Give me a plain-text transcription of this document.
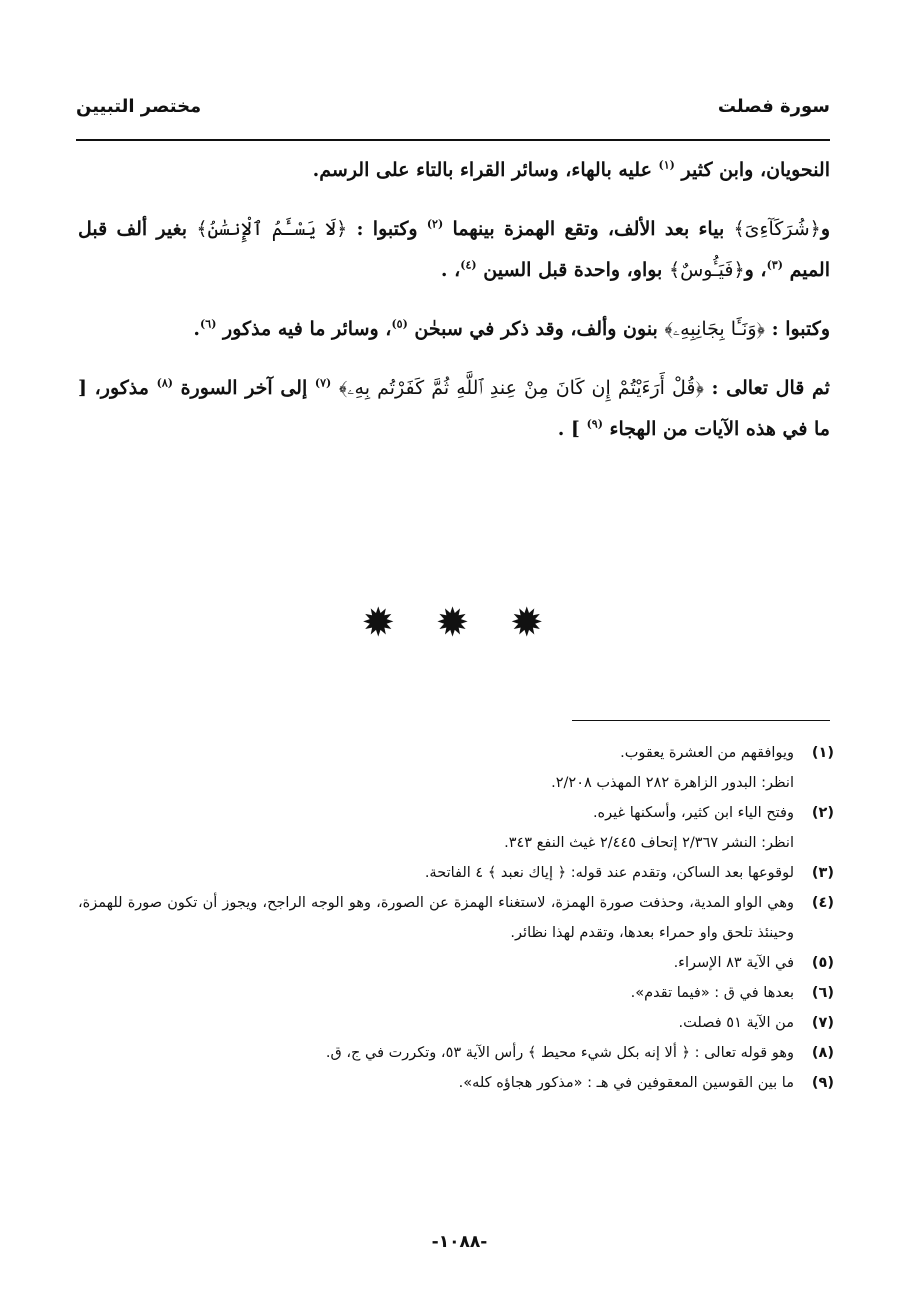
سورة فصلت
مختصر التبيين

النحويان، وابن كثير $^{(١)}$ عليه بالهاء، وسائر القراء بالتاء على الرسم.

و﴿شُرَكَآءِىَ﴾ بياء بعد الألف، وتقع الهمزة بينهما $^{(٢)}$ وكتبوا : ﴿لَا يَسْـَٔمُ ٱلْإِنسَٰنُ﴾ بغير ألف قبل الميم $^{(٣)}$، و﴿فَيَـُٔوسٌ﴾ بواو، واحدة قبل السين $^{(٤)}$، .

وكتبوا : ﴿وَنَـَٔا بِجَانِبِهِۦ﴾ بنون وألف، وقد ذكر في سبحٰن $^{(٥)}$، وسائر ما فيه مذكور $^{(٦)}$.

ثم قال تعالى : ﴿قُلْ أَرَءَيْتُمْ إِن كَانَ مِنْ عِندِ ٱللَّهِ ثُمَّ كَفَرْتُم بِهِۦ﴾ $^{(٧)}$ إلى آخر السورة $^{(٨)}$ مذكور، [ ما في هذه الآيات من الهجاء $^{(٩)}$ ] .

✹ ✹ ✹
(١)
ويوافقهم من العشرة يعقوب.
انظر: البدور الزاهرة ٢٨٢ المهذب ٢/٢٠٨.
(٢)
وفتح الياء ابن كثير، وأسكنها غيره.
انظر: النشر ٢/٣٦٧ إتحاف ٢/٤٤٥ غيث النفع ٣٤٣.
(٣)
لوقوعها بعد الساكن، وتقدم عند قوله: ﴿ إياك نعبد ﴾ ٤ الفاتحة.
(٤)
وهي الواو المدية، وحذفت صورة الهمزة، لاستغناء الهمزة عن الصورة، وهو الوجه الراجح، ويجوز أن تكون صورة للهمزة، وحينئذ تلحق واو حمراء بعدها، وتقدم لهذا نظائر.
(٥)
في الآية ٨٣ الإسراء.
(٦)
بعدها في ق : «فيما تقدم».
(٧)
من الآية ٥١ فصلت.
(٨)
وهو قوله تعالى : ﴿ ألا إنه بكل شيء محيط ﴾ رأس الآية ٥٣، وتكررت في ج، ق.
(٩)
ما بين القوسين المعقوفين في هـ : «مذكور هجاؤه كله».
-١٠٨٨-
